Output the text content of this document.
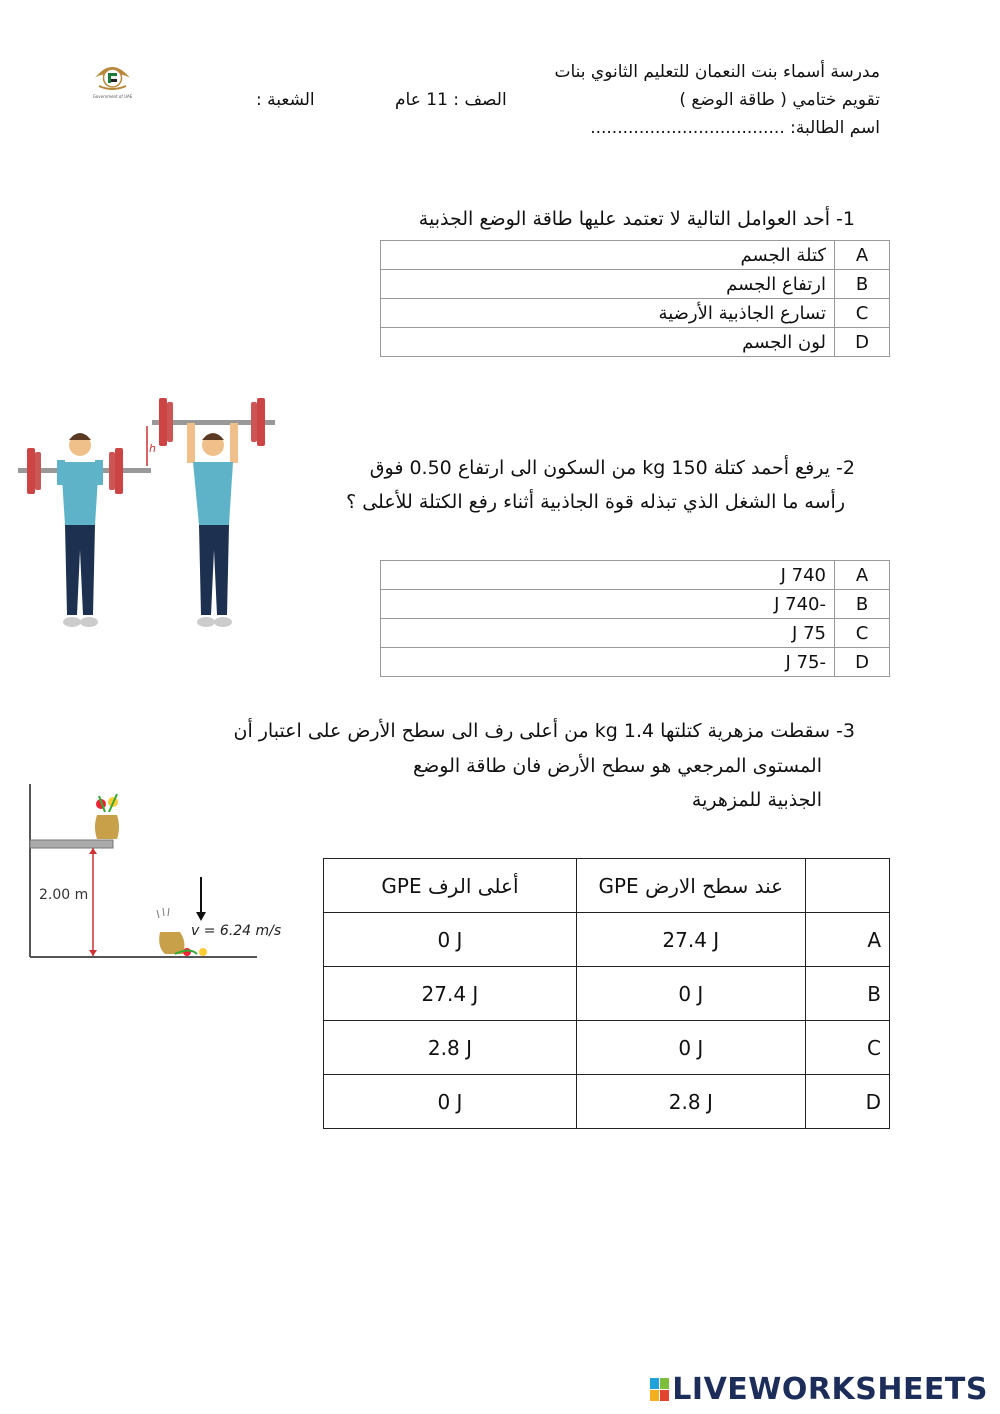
Government of UAE
مدرسة أسماء بنت النعمان للتعليم الثانوي بنات
تقويم ختامي ( طاقة الوضع )
الصف : 11 عام
الشعبة :
اسم الطالبة: ....................................
1- أحد العوامل التالية لا تعتمد عليها طاقة الوضع الجذبية
كتلة الجسم	A
ارتفاع الجسم	B
تسارع الجاذبية الأرضية	C
لون الجسم	D
h
2- يرفع أحمد كتلة 150 kg من السكون الى ارتفاع 0.50 فوق
رأسه ما الشغل الذي تبذله قوة الجاذبية أثناء رفع الكتلة للأعلى ؟
740 J	A
-740 J	B
75 J	C
-75 J	D
3- سقطت مزهرية كتلتها 1.4 kg من أعلى رف الى سطح الأرض على اعتبار أن
المستوى المرجعي هو سطح الأرض فان طاقة الوضع
الجذبية للمزهرية
2.00 m
v = 6.24 m/s
GPE أعلى الرف	GPE عند سطح الارض	
0 J	27.4 J	A
27.4 J	0 J	B
2.8 J	0 J	C
0 J	2.8 J	D
LIVEWORKSHEETS
